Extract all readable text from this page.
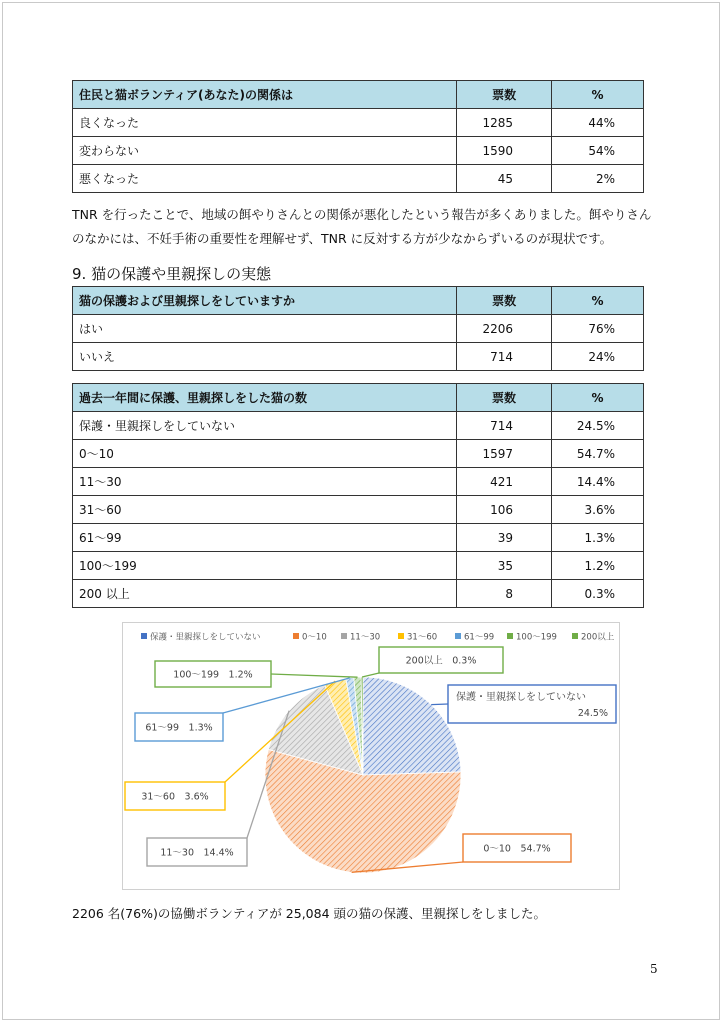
住民と猫ボランティア(あなた)の関係は	票数	%
良くなった	1285	44%
変わらない	1590	54%
悪くなった	45	2%
TNR を行ったことで、地域の餌やりさんとの関係が悪化したという報告が多くありました。餌やりさん
のなかには、不妊手術の重要性を理解せず、TNR に反対する方が少なからずいるのが現状です。
9. 猫の保護や里親探しの実態
猫の保護および里親探しをしていますか	票数	%
はい	2206	76%
いいえ	714	24%
過去一年間に保護、里親探しをした猫の数	票数	%
保護・里親探しをしていない	714	24.5%
0〜10	1597	54.7%
11〜30	421	14.4%
31〜60	106	3.6%
61〜99	39	1.3%
100〜199	35	1.2%
200 以上	8	0.3%
保護・里親探しをしていない	0〜10	11〜30	31〜60	61〜99	100〜199	200以上
保護・里親探しをしていない
24.5%
0〜10　54.7%
11〜30　14.4%
31〜60　3.6%
61〜99　1.3%
100〜199　1.2%
200以上　0.3%
2206 名(76%)の協働ボランティアが 25,084 頭の猫の保護、里親探しをしました。
5
